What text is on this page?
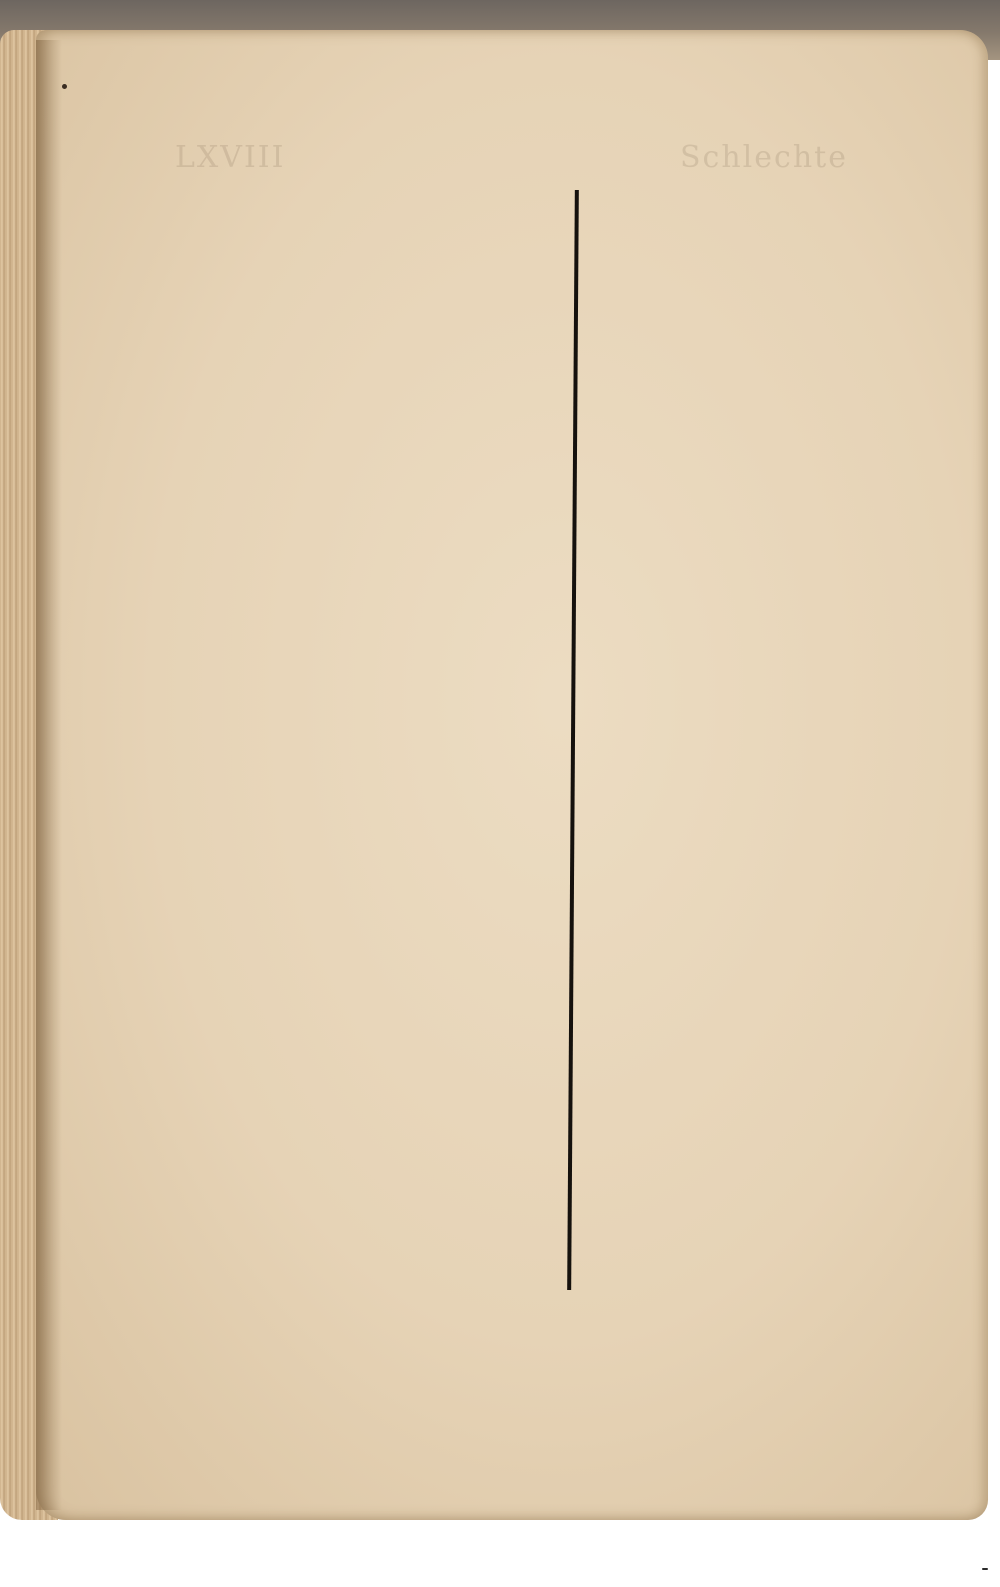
LXVIII	Schlechte
